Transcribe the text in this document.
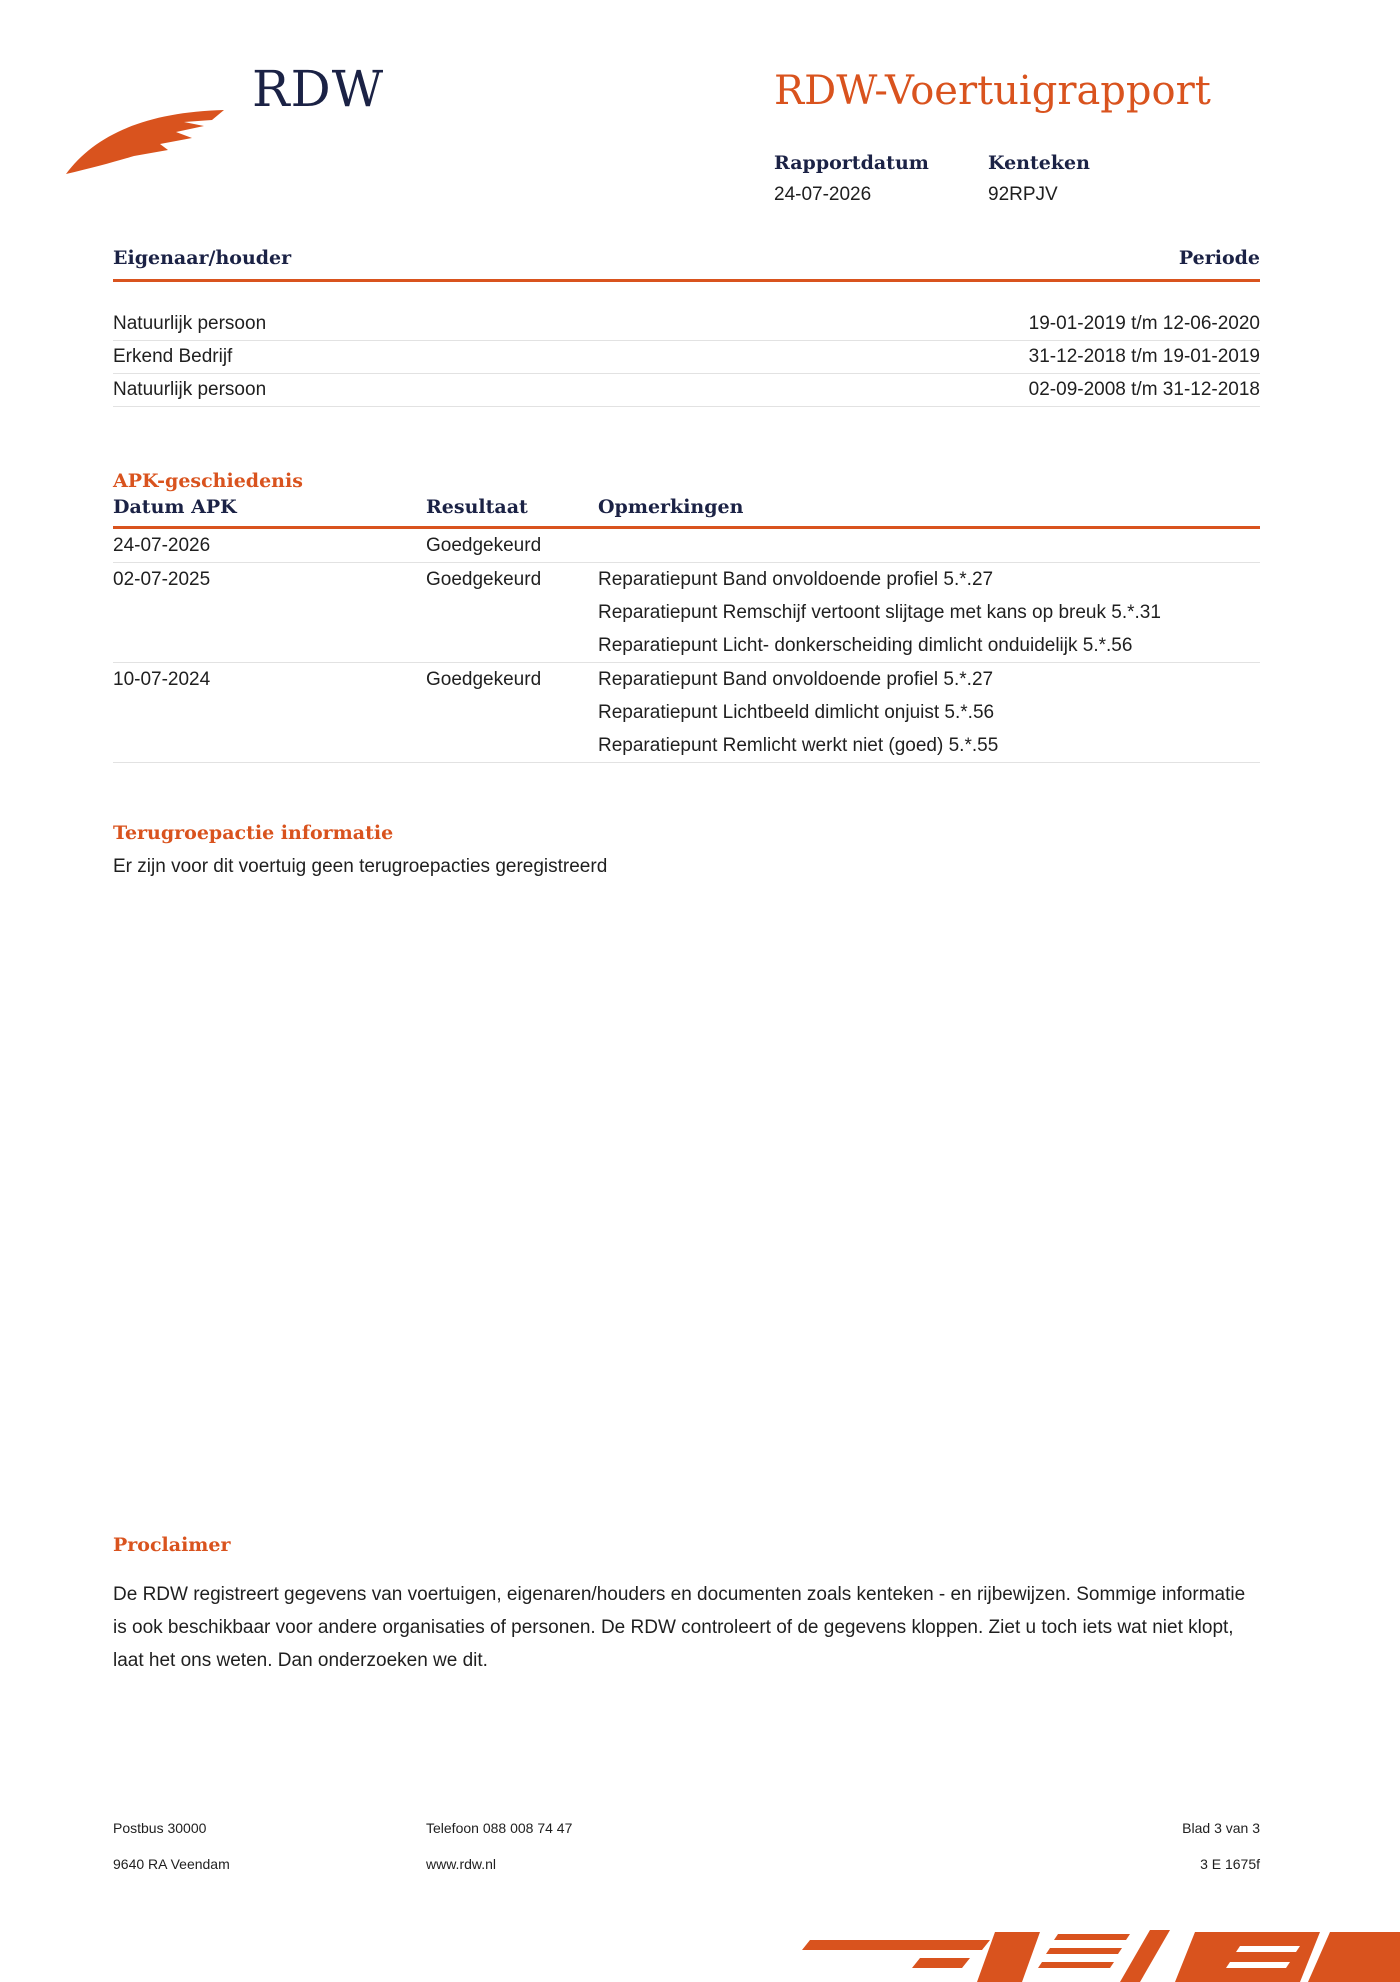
RDW	RDW-Voertuigrapport
Rapportdatum
24-07-2026
Kenteken
92RPJV
Eigenaar/houder	Periode
Natuurlijk persoon	19-01-2019 t/m 12-06-2020
Erkend Bedrijf	31-12-2018 t/m 19-01-2019
Natuurlijk persoon	02-09-2008 t/m 31-12-2018
APK-geschiedenis
Datum APK	Resultaat	Opmerkingen
24-07-2026	Goedgekeurd
02-07-2025	Goedgekeurd	Reparatiepunt Band onvoldoende profiel 5.*.27
Reparatiepunt Remschijf vertoont slijtage met kans op breuk 5.*.31
Reparatiepunt Licht- donkerscheiding dimlicht onduidelijk 5.*.56
10-07-2024	Goedgekeurd	Reparatiepunt Band onvoldoende profiel 5.*.27
Reparatiepunt Lichtbeeld dimlicht onjuist 5.*.56
Reparatiepunt Remlicht werkt niet (goed) 5.*.55
Terugroepactie informatie
Er zijn voor dit voertuig geen terugroepacties geregistreerd
Proclaimer
De RDW registreert gegevens van voertuigen, eigenaren/houders en documenten zoals kenteken - en rijbewijzen. Sommige informatie is ook beschikbaar voor andere organisaties of personen. De RDW controleert of de gegevens kloppen. Ziet u toch iets wat niet klopt, laat het ons weten. Dan onderzoeken we dit.
Postbus 30000
9640 RA Veendam
Telefoon 088 008 74 47
www.rdw.nl
Blad 3 van 3
3 E 1675f
